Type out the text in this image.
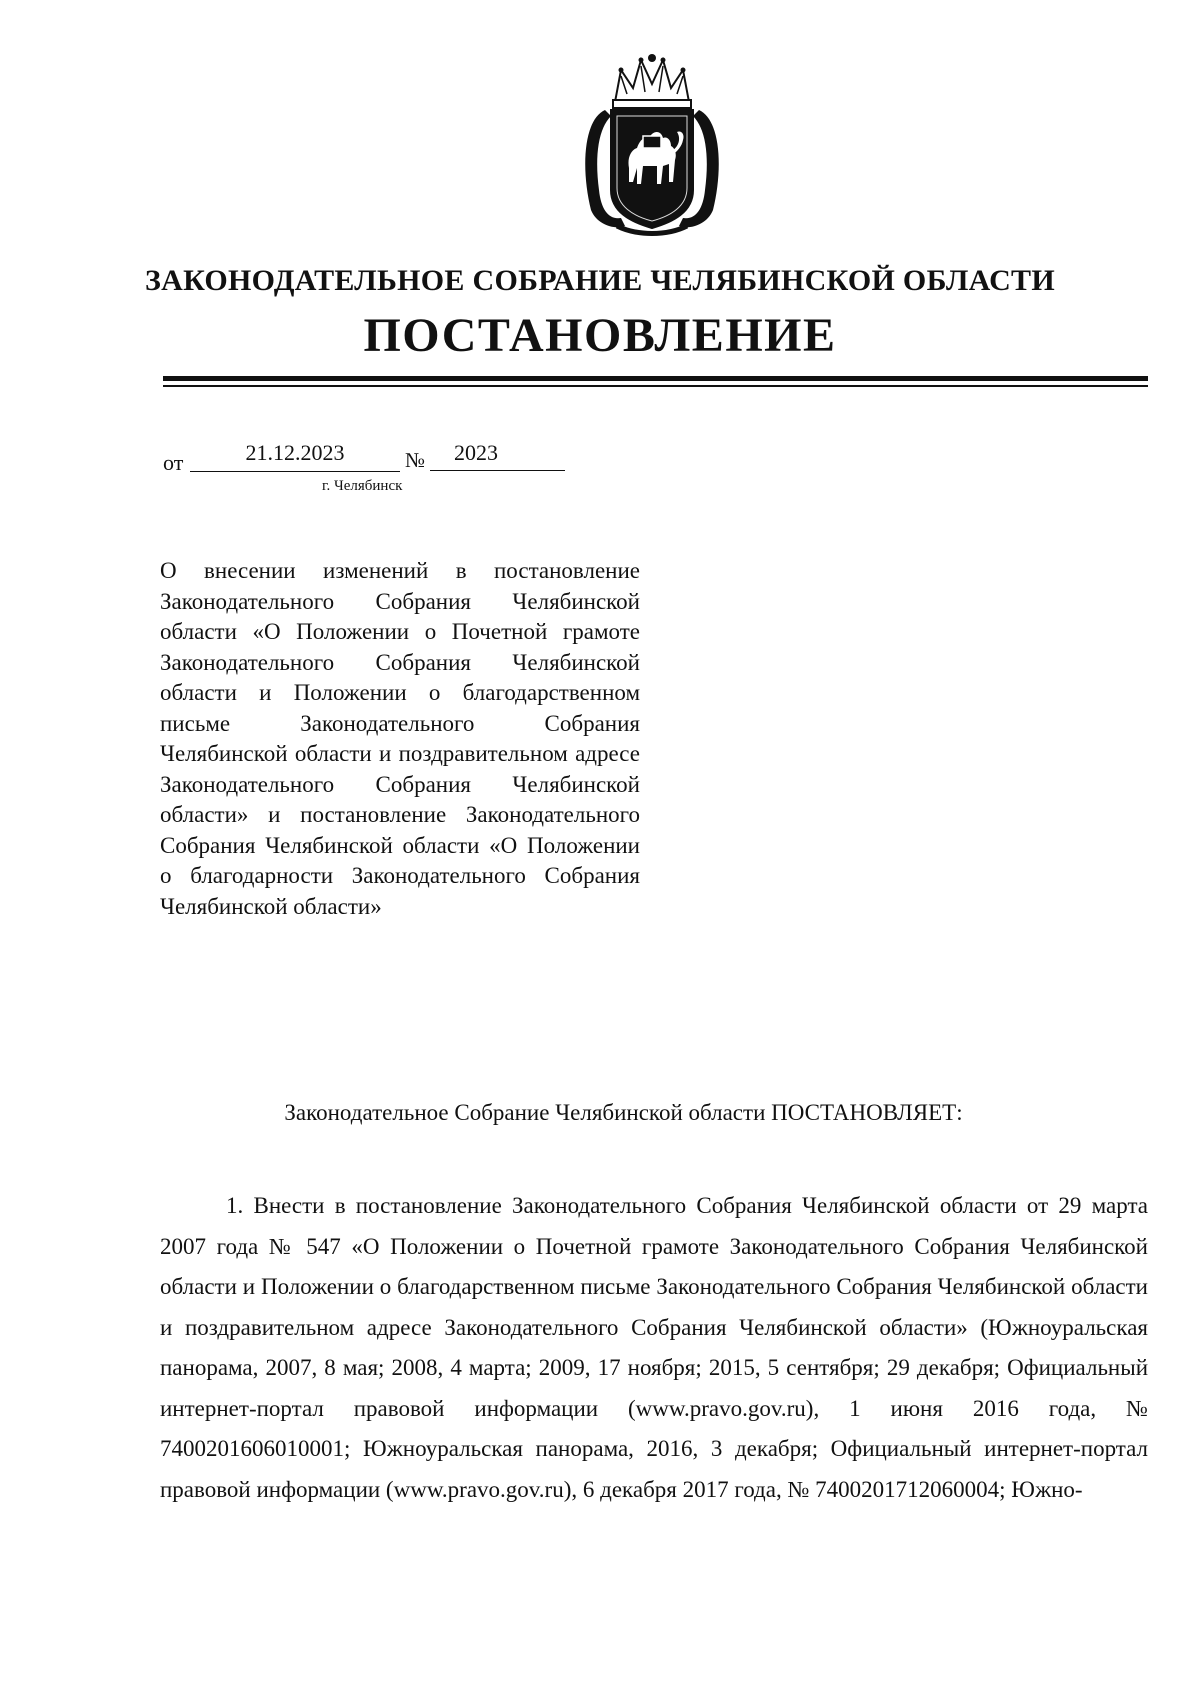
ЗАКОНОДАТЕЛЬНОЕ СОБРАНИЕ ЧЕЛЯБИНСКОЙ ОБЛАСТИ
ПОСТАНОВЛЕНИЕ
от	21.12.2023	№	2023
г. Челябинск
О внесении изменений в постановление Законодательного Собрания Челябинской области «О Положении о Почетной грамоте Законодательного Собрания Челябинской области и Положении о благодарственном письме Законодательного Собрания Челябинской области и поздравительном адресе Законодательного Собрания Челябинской области» и постановление Законодательного Собрания Челябинской области «О Положении о благодарности Законодательного Собрания Челябинской области»
Законодательное Собрание Челябинской области ПОСТАНОВЛЯЕТ:
1. Внести в постановление Законодательного Собрания Челябинской области от 29 марта 2007 года № 547 «О Положении о Почетной грамоте Законодательного Собрания Челябинской области и Положении о благодарственном письме Законодательного Собрания Челябинской области и поздравительном адресе Законодательного Собрания Челябинской области» (Южноуральская панорама, 2007, 8 мая; 2008, 4 марта; 2009, 17 ноября; 2015, 5 сентября; 29 декабря; Официальный интернет-портал правовой информации (www.pravo.gov.ru), 1 июня 2016 года, № 7400201606010001; Южноуральская панорама, 2016, 3 декабря; Официальный интернет-портал правовой информации (www.pravo.gov.ru), 6 декабря 2017 года, № 7400201712060004; Южно-
